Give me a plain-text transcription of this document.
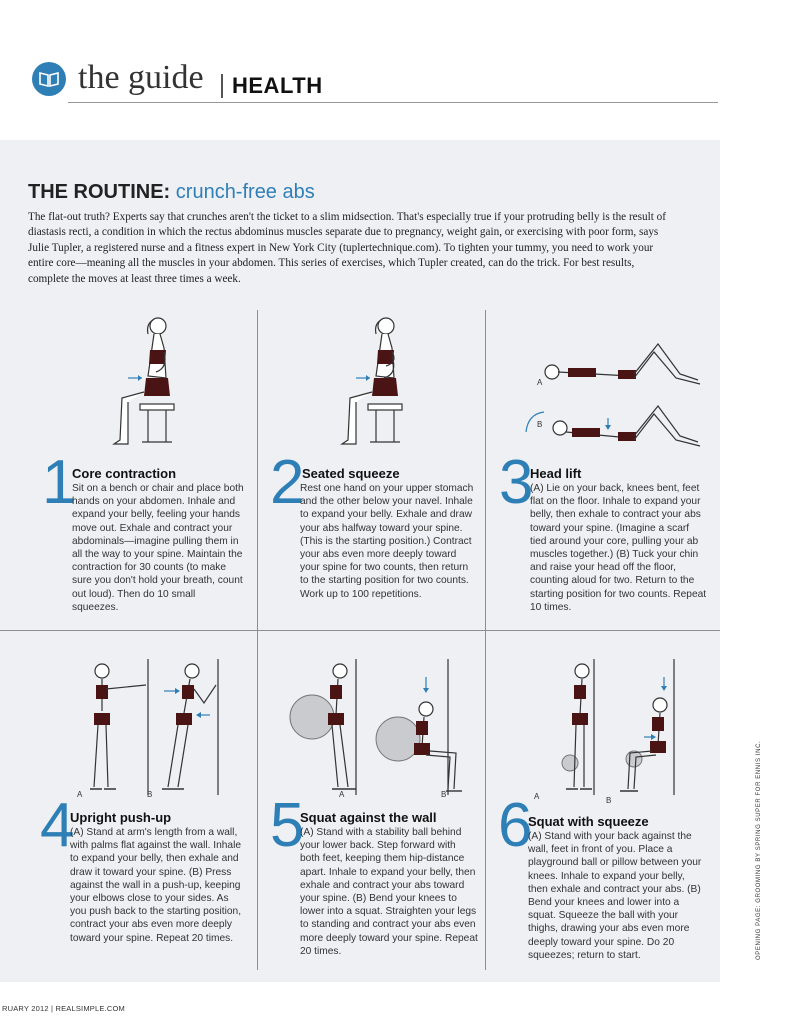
the guide HEALTH
THE ROUTINE: crunch-free abs
The flat-out truth? Experts say that crunches aren't the ticket to a slim midsection. That's especially true if your protruding belly is the result of diastasis recti, a condition in which the rectus abdominus muscles separate due to pregnancy, weight gain, or exercising with poor form, says Julie Tupler, a registered nurse and a fitness expert in New York City (tuplertechnique.com). To tighten your tummy, you need to work your entire core—meaning all the muscles in your abdomen. This series of exercises, which Tupler created, can do the trick. For best results, complete the moves at least three times a week.
A
B
A	B	A	B	A	B
1
Core contraction
Sit on a bench or chair and place both hands on your abdomen. Inhale and expand your belly, feeling your hands move out. Exhale and contract your abdominals—imagine pulling them in all the way to your spine. Maintain the contraction for 30 counts (to make sure you don't hold your breath, count out loud). Then do 10 small squeezes.
2
Seated squeeze
Rest one hand on your upper stomach and the other below your navel. Inhale to expand your belly. Exhale and draw your abs halfway toward your spine. (This is the starting position.) Contract your abs even more deeply toward your spine for two counts, then return to the starting position for two counts. Work up to 100 repetitions.
3
Head lift
(A) Lie on your back, knees bent, feet flat on the floor. Inhale to expand your belly, then exhale to contract your abs toward your spine. (Imagine a scarf tied around your core, pulling your ab muscles together.) (B) Tuck your chin and raise your head off the floor, counting aloud for two. Return to the starting position for two counts. Repeat 10 times.
4
Upright push-up
(A) Stand at arm's length from a wall, with palms flat against the wall. Inhale to expand your belly, then exhale and draw it toward your spine. (B) Press against the wall in a push-up, keeping your elbows close to your sides. As you push back to the starting position, contract your abs even more deeply toward your spine. Repeat 20 times.
5
Squat against the wall
(A) Stand with a stability ball behind your lower back. Step forward with both feet, keeping them hip-distance apart. Inhale to expand your belly, then exhale and contract your abs toward your spine. (B) Bend your knees to lower into a squat. Straighten your legs to standing and contract your abs even more deeply toward your spine. Repeat 20 times.
6
Squat with squeeze
(A) Stand with your back against the wall, feet in front of you. Place a playground ball or pillow between your knees. Inhale to expand your belly, then exhale and contract your abs. (B) Bend your knees and lower into a squat. Squeeze the ball with your thighs, drawing your abs even more deeply toward your spine. Do 20 squeezes; return to start.
RUARY 2012 | REALSIMPLE.COM
OPENING PAGE: GROOMING BY SPRING SUPER FOR ENNIS INC.
